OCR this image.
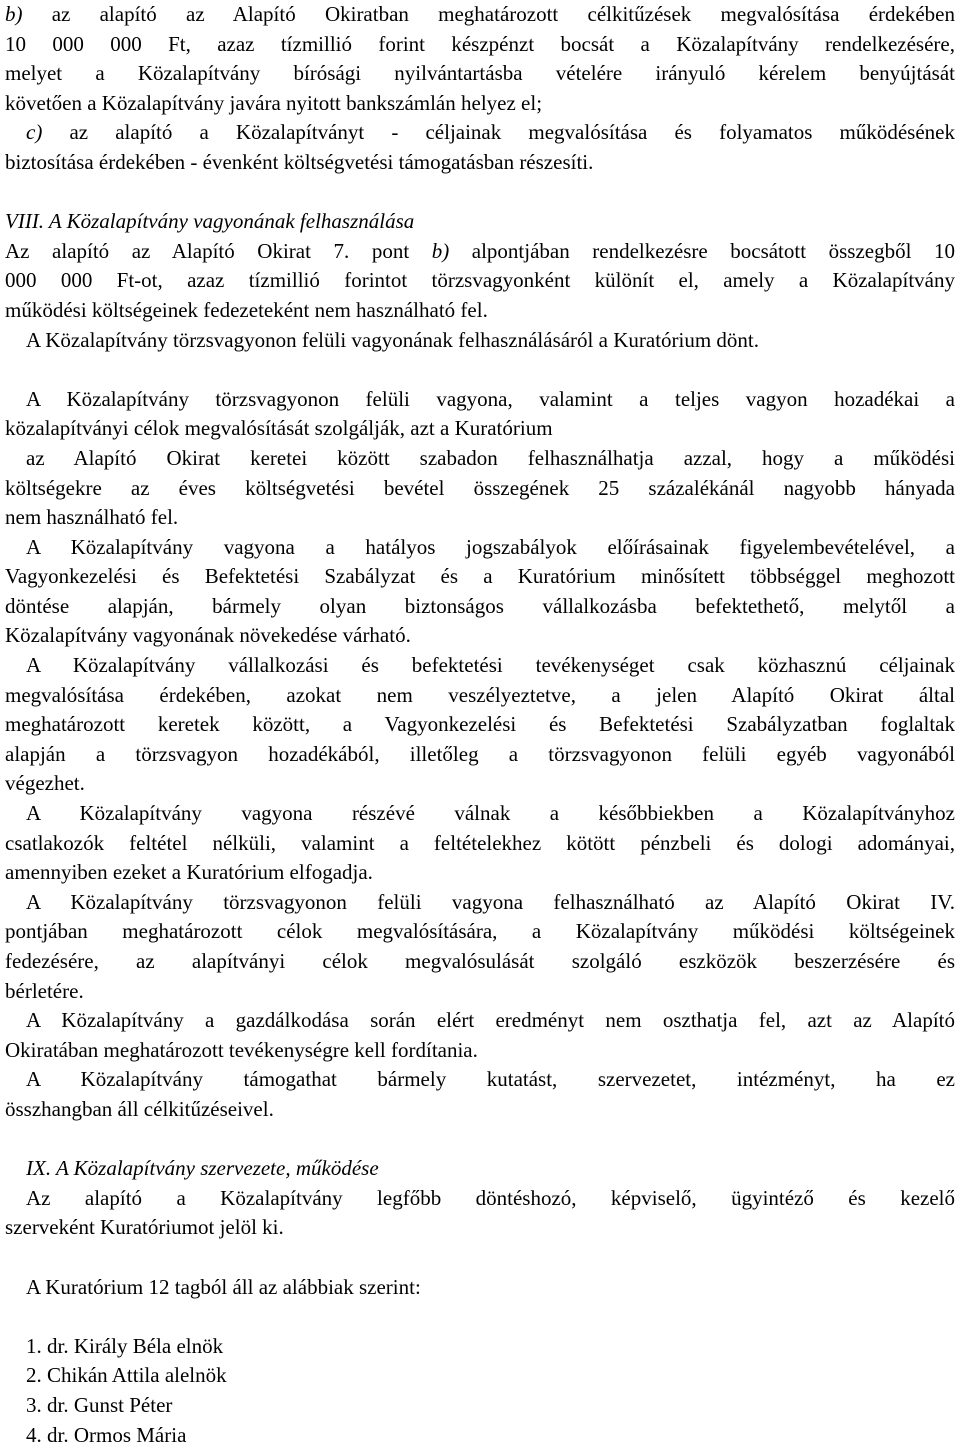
b) az alapító az Alapító Okiratban meghatározott célkitűzések megvalósítása érdekében

10 000 000 Ft, azaz tízmillió forint készpénzt bocsát a Közalapítvány rendelkezésére,

melyet a Közalapítvány bírósági nyilvántartásba vételére irányuló kérelem benyújtását

követően a Közalapítvány javára nyitott bankszámlán helyez el;

c) az alapító a Közalapítványt - céljainak megvalósítása és folyamatos működésének

biztosítása érdekében - évenként költségvetési támogatásban részesíti.

VIII. A Közalapítvány vagyonának felhasználása

Az alapító az Alapító Okirat 7. pont b) alpontjában rendelkezésre bocsátott összegből 10

000 000 Ft-ot, azaz tízmillió forintot törzsvagyonként különít el, amely a Közalapítvány

működési költségeinek fedezeteként nem használható fel.

A Közalapítvány törzsvagyonon felüli vagyonának felhasználásáról a Kuratórium dönt.

A Közalapítvány törzsvagyonon felüli vagyona, valamint a teljes vagyon hozadékai a

közalapítványi célok megvalósítását szolgálják, azt a Kuratórium

az Alapító Okirat keretei között szabadon felhasználhatja azzal, hogy a működési

költségekre az éves költségvetési bevétel összegének 25 százalékánál nagyobb hányada

nem használható fel.

A Közalapítvány vagyona a hatályos jogszabályok előírásainak figyelembevételével, a

Vagyonkezelési és Befektetési Szabályzat és a Kuratórium minősített többséggel meghozott

döntése alapján, bármely olyan biztonságos vállalkozásba befektethető, melytől a

Közalapítvány vagyonának növekedése várható.

A Közalapítvány vállalkozási és befektetési tevékenységet csak közhasznú céljainak

megvalósítása érdekében, azokat nem veszélyeztetve, a jelen Alapító Okirat által

meghatározott keretek között, a Vagyonkezelési és Befektetési Szabályzatban foglaltak

alapján a törzsvagyon hozadékából, illetőleg a törzsvagyonon felüli egyéb vagyonából

végezhet.

A Közalapítvány vagyona részévé válnak a későbbiekben a Közalapítványhoz

csatlakozók feltétel nélküli, valamint a feltételekhez kötött pénzbeli és dologi adományai,

amennyiben ezeket a Kuratórium elfogadja.

A Közalapítvány törzsvagyonon felüli vagyona felhasználható az Alapító Okirat IV.

pontjában meghatározott célok megvalósítására, a Közalapítvány működési költségeinek

fedezésére, az alapítványi célok megvalósulását szolgáló eszközök beszerzésére és

bérletére.

A Közalapítvány a gazdálkodása során elért eredményt nem oszthatja fel, azt az Alapító

Okiratában meghatározott tevékenységre kell fordítania.

A Közalapítvány támogathat bármely kutatást, szervezetet, intézményt, ha ez

összhangban áll célkitűzéseivel.

IX. A Közalapítvány szervezete, működése

Az alapító a Közalapítvány legfőbb döntéshozó, képviselő, ügyintéző és kezelő

szerveként Kuratóriumot jelöl ki.

A Kuratórium 12 tagból áll az alábbiak szerint:

1. dr. Király Béla elnök

2. Chikán Attila alelnök

3. dr. Gunst Péter

4. dr. Ormos Mária
